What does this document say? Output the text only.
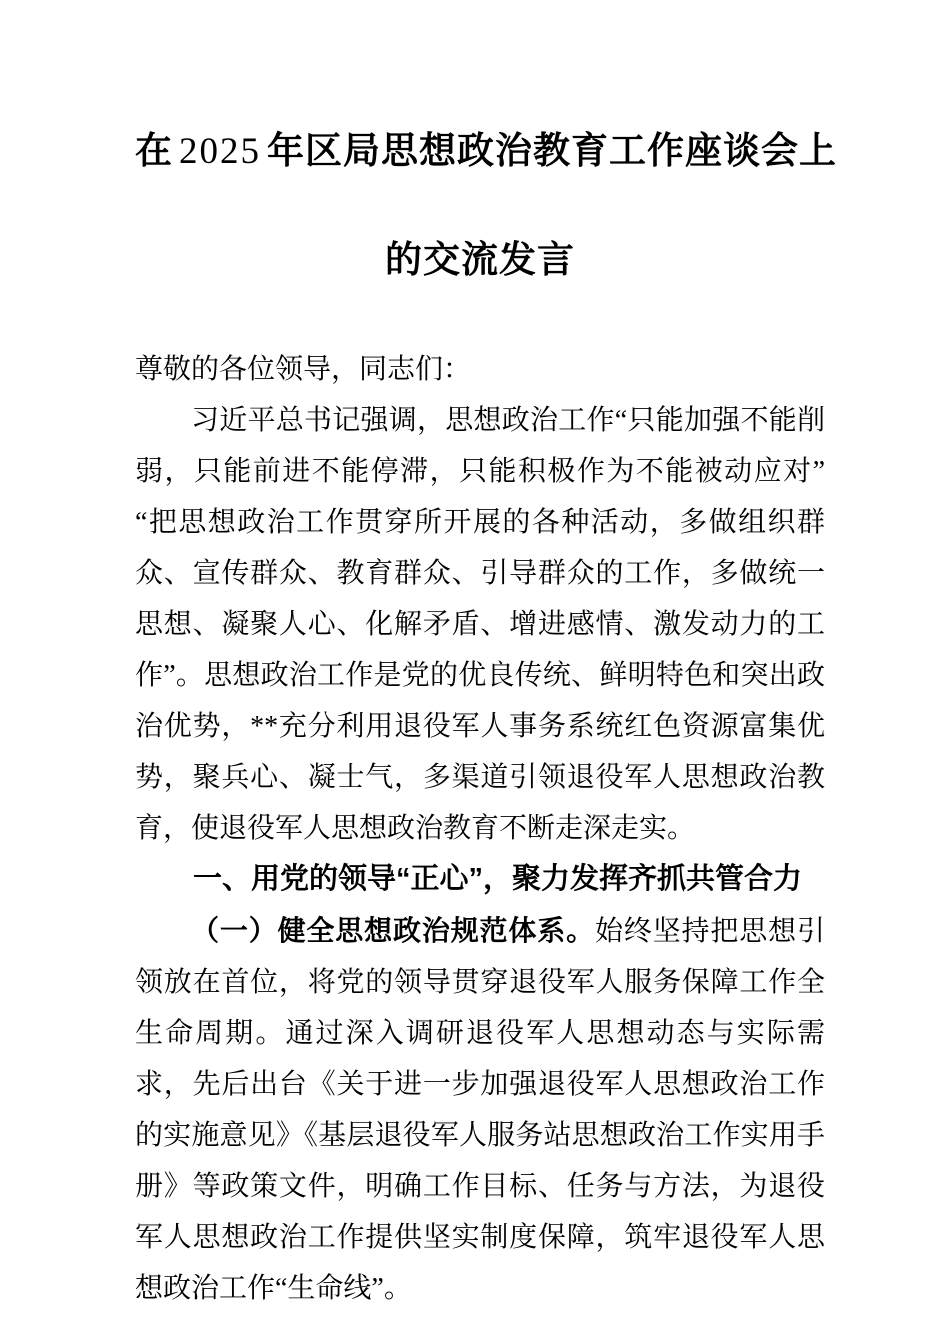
在 2025 年区局思想政治教育工作座谈会上
的交流发言

尊敬的各位领导，同志们：

习近平总书记强调，思想政治工作“只能加强不能削弱，只能前进不能停滞，只能积极作为不能被动应对” “把思想政治工作贯穿所开展的各种活动，多做组织群众、宣传群众、教育群众、引导群众的工作，多做统一思想、凝聚人心、化解矛盾、增进感情、激发动力的工作”。思想政治工作是党的优良传统、鲜明特色和突出政治优势，**充分利用退役军人事务系统红色资源富集优势，聚兵心、凝士气，多渠道引领退役军人思想政治教育，使退役军人思想政治教育不断走深走实。

一、用党的领导“正心”，聚力发挥齐抓共管合力

（一）健全思想政治规范体系。始终坚持把思想引领放在首位，将党的领导贯穿退役军人服务保障工作全生命周期。通过深入调研退役军人思想动态与实际需求，先后出台《关于进一步加强退役军人思想政治工作的实施意见》《基层退役军人服务站思想政治工作实用手册》等政策文件，明确工作目标、任务与方法，为退役军人思想政治工作提供坚实制度保障，筑牢退役军人思想政治工作“生命线”。
